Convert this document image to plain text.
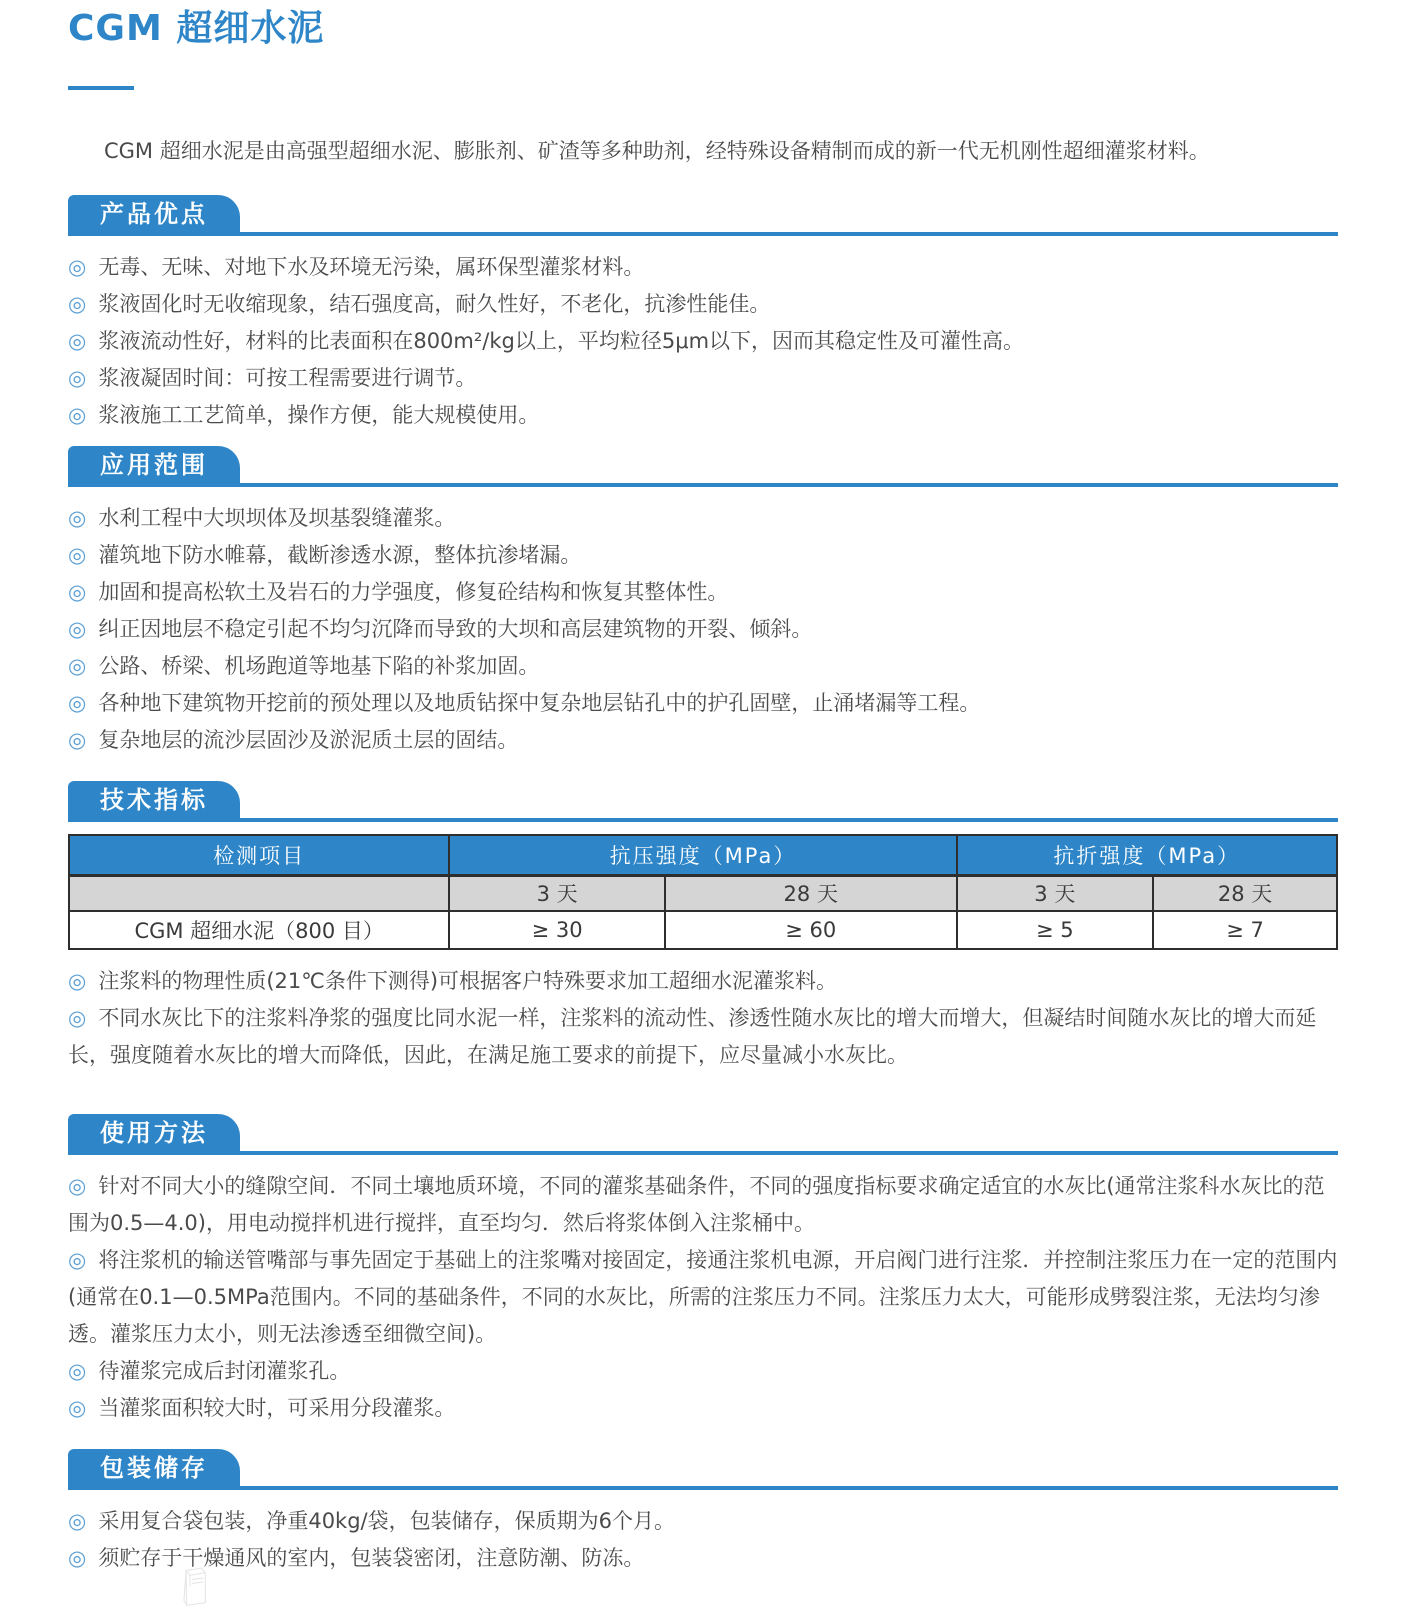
CGM 超细水泥

CGM 超细水泥是由高强型超细水泥、膨胀剂、矿渣等多种助剂，经特殊设备精制而成的新一代无机刚性超细灌浆材料。

产品优点

◎ 无毒、无味、对地下水及环境无污染，属环保型灌浆材料。

◎ 浆液固化时无收缩现象，结石强度高，耐久性好，不老化，抗渗性能佳。

◎ 浆液流动性好，材料的比表面积在800m²/kg以上，平均粒径5μm以下，因而其稳定性及可灌性高。

◎ 浆液凝固时间：可按工程需要进行调节。

◎ 浆液施工工艺简单，操作方便，能大规模使用。

应用范围

◎ 水利工程中大坝坝体及坝基裂缝灌浆。

◎ 灌筑地下防水帷幕，截断渗透水源，整体抗渗堵漏。

◎ 加固和提高松软土及岩石的力学强度，修复砼结构和恢复其整体性。

◎ 纠正因地层不稳定引起不均匀沉降而导致的大坝和高层建筑物的开裂、倾斜。

◎ 公路、桥梁、机场跑道等地基下陷的补浆加固。

◎ 各种地下建筑物开挖前的预处理以及地质钻探中复杂地层钻孔中的护孔固壁，止涌堵漏等工程。

◎ 复杂地层的流沙层固沙及淤泥质土层的固结。

技术指标
检测项目	抗压强度（MPa）		抗折强度（MPa）	
	3 天	28 天	3 天	28 天
CGM 超细水泥（800 目）	≥ 30	≥ 60	≥ 5	≥ 7

◎ 注浆料的物理性质(21℃条件下测得)可根据客户特殊要求加工超细水泥灌浆料。

◎ 不同水灰比下的注浆料净浆的强度比同水泥一样，注浆料的流动性、渗透性随水灰比的增大而增大，但凝结时间随水灰比的增大而延长，强度随着水灰比的增大而降低，因此，在满足施工要求的前提下，应尽量减小水灰比。

使用方法

◎ 针对不同大小的缝隙空间．不同土壤地质环境，不同的灌浆基础条件，不同的强度指标要求确定适宜的水灰比(通常注浆科水灰比的范围为0.5—4.0)，用电动搅拌机进行搅拌，直至均匀．然后将浆体倒入注浆桶中。

◎ 将注浆机的输送管嘴部与事先固定于基础上的注浆嘴对接固定，接通注浆机电源，开启阀门进行注浆．并控制注浆压力在一定的范围内(通常在0.1—0.5MPa范围内。不同的基础条件，不同的水灰比，所需的注浆压力不同。注浆压力太大，可能形成劈裂注浆，无法均匀渗透。灌浆压力太小，则无法渗透至细微空间)。

◎ 待灌浆完成后封闭灌浆孔。

◎ 当灌浆面积较大时，可采用分段灌浆。

包装储存

◎ 采用复合袋包装，净重40kg/袋，包装储存，保质期为6个月。

◎ 须贮存于干燥通风的室内，包装袋密闭，注意防潮、防冻。
